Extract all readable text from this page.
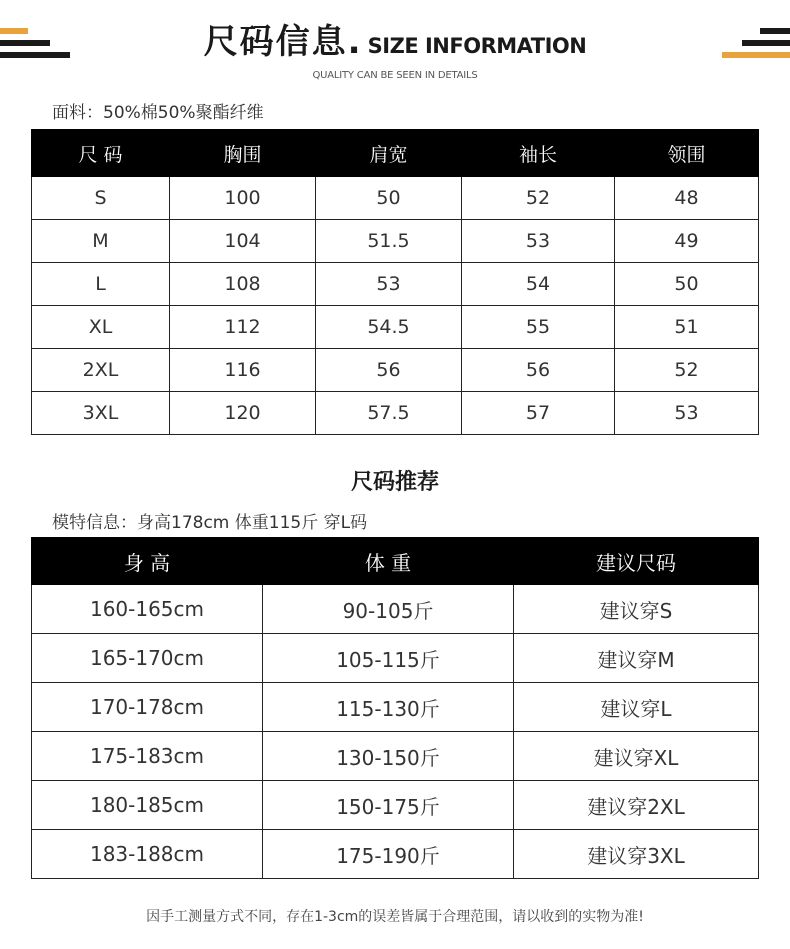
尺码信息. SIZE INFORMATION
QUALITY CAN BE SEEN IN DETAILS
面料：50%棉50%聚酯纤维
尺 码	胸围	肩宽	袖长	领围
S	100	50	52	48
M	104	51.5	53	49
L	108	53	54	50
XL	112	54.5	55	51
2XL	116	56	56	52
3XL	120	57.5	57	53
尺码推荐
模特信息：身高178cm 体重115斤 穿L码
身 高	体 重	建议尺码
160-165cm	90-105斤	建议穿S
165-170cm	105-115斤	建议穿M
170-178cm	115-130斤	建议穿L
175-183cm	130-150斤	建议穿XL
180-185cm	150-175斤	建议穿2XL
183-188cm	175-190斤	建议穿3XL
因手工测量方式不同，存在1-3cm的误差皆属于合理范围，请以收到的实物为准!
